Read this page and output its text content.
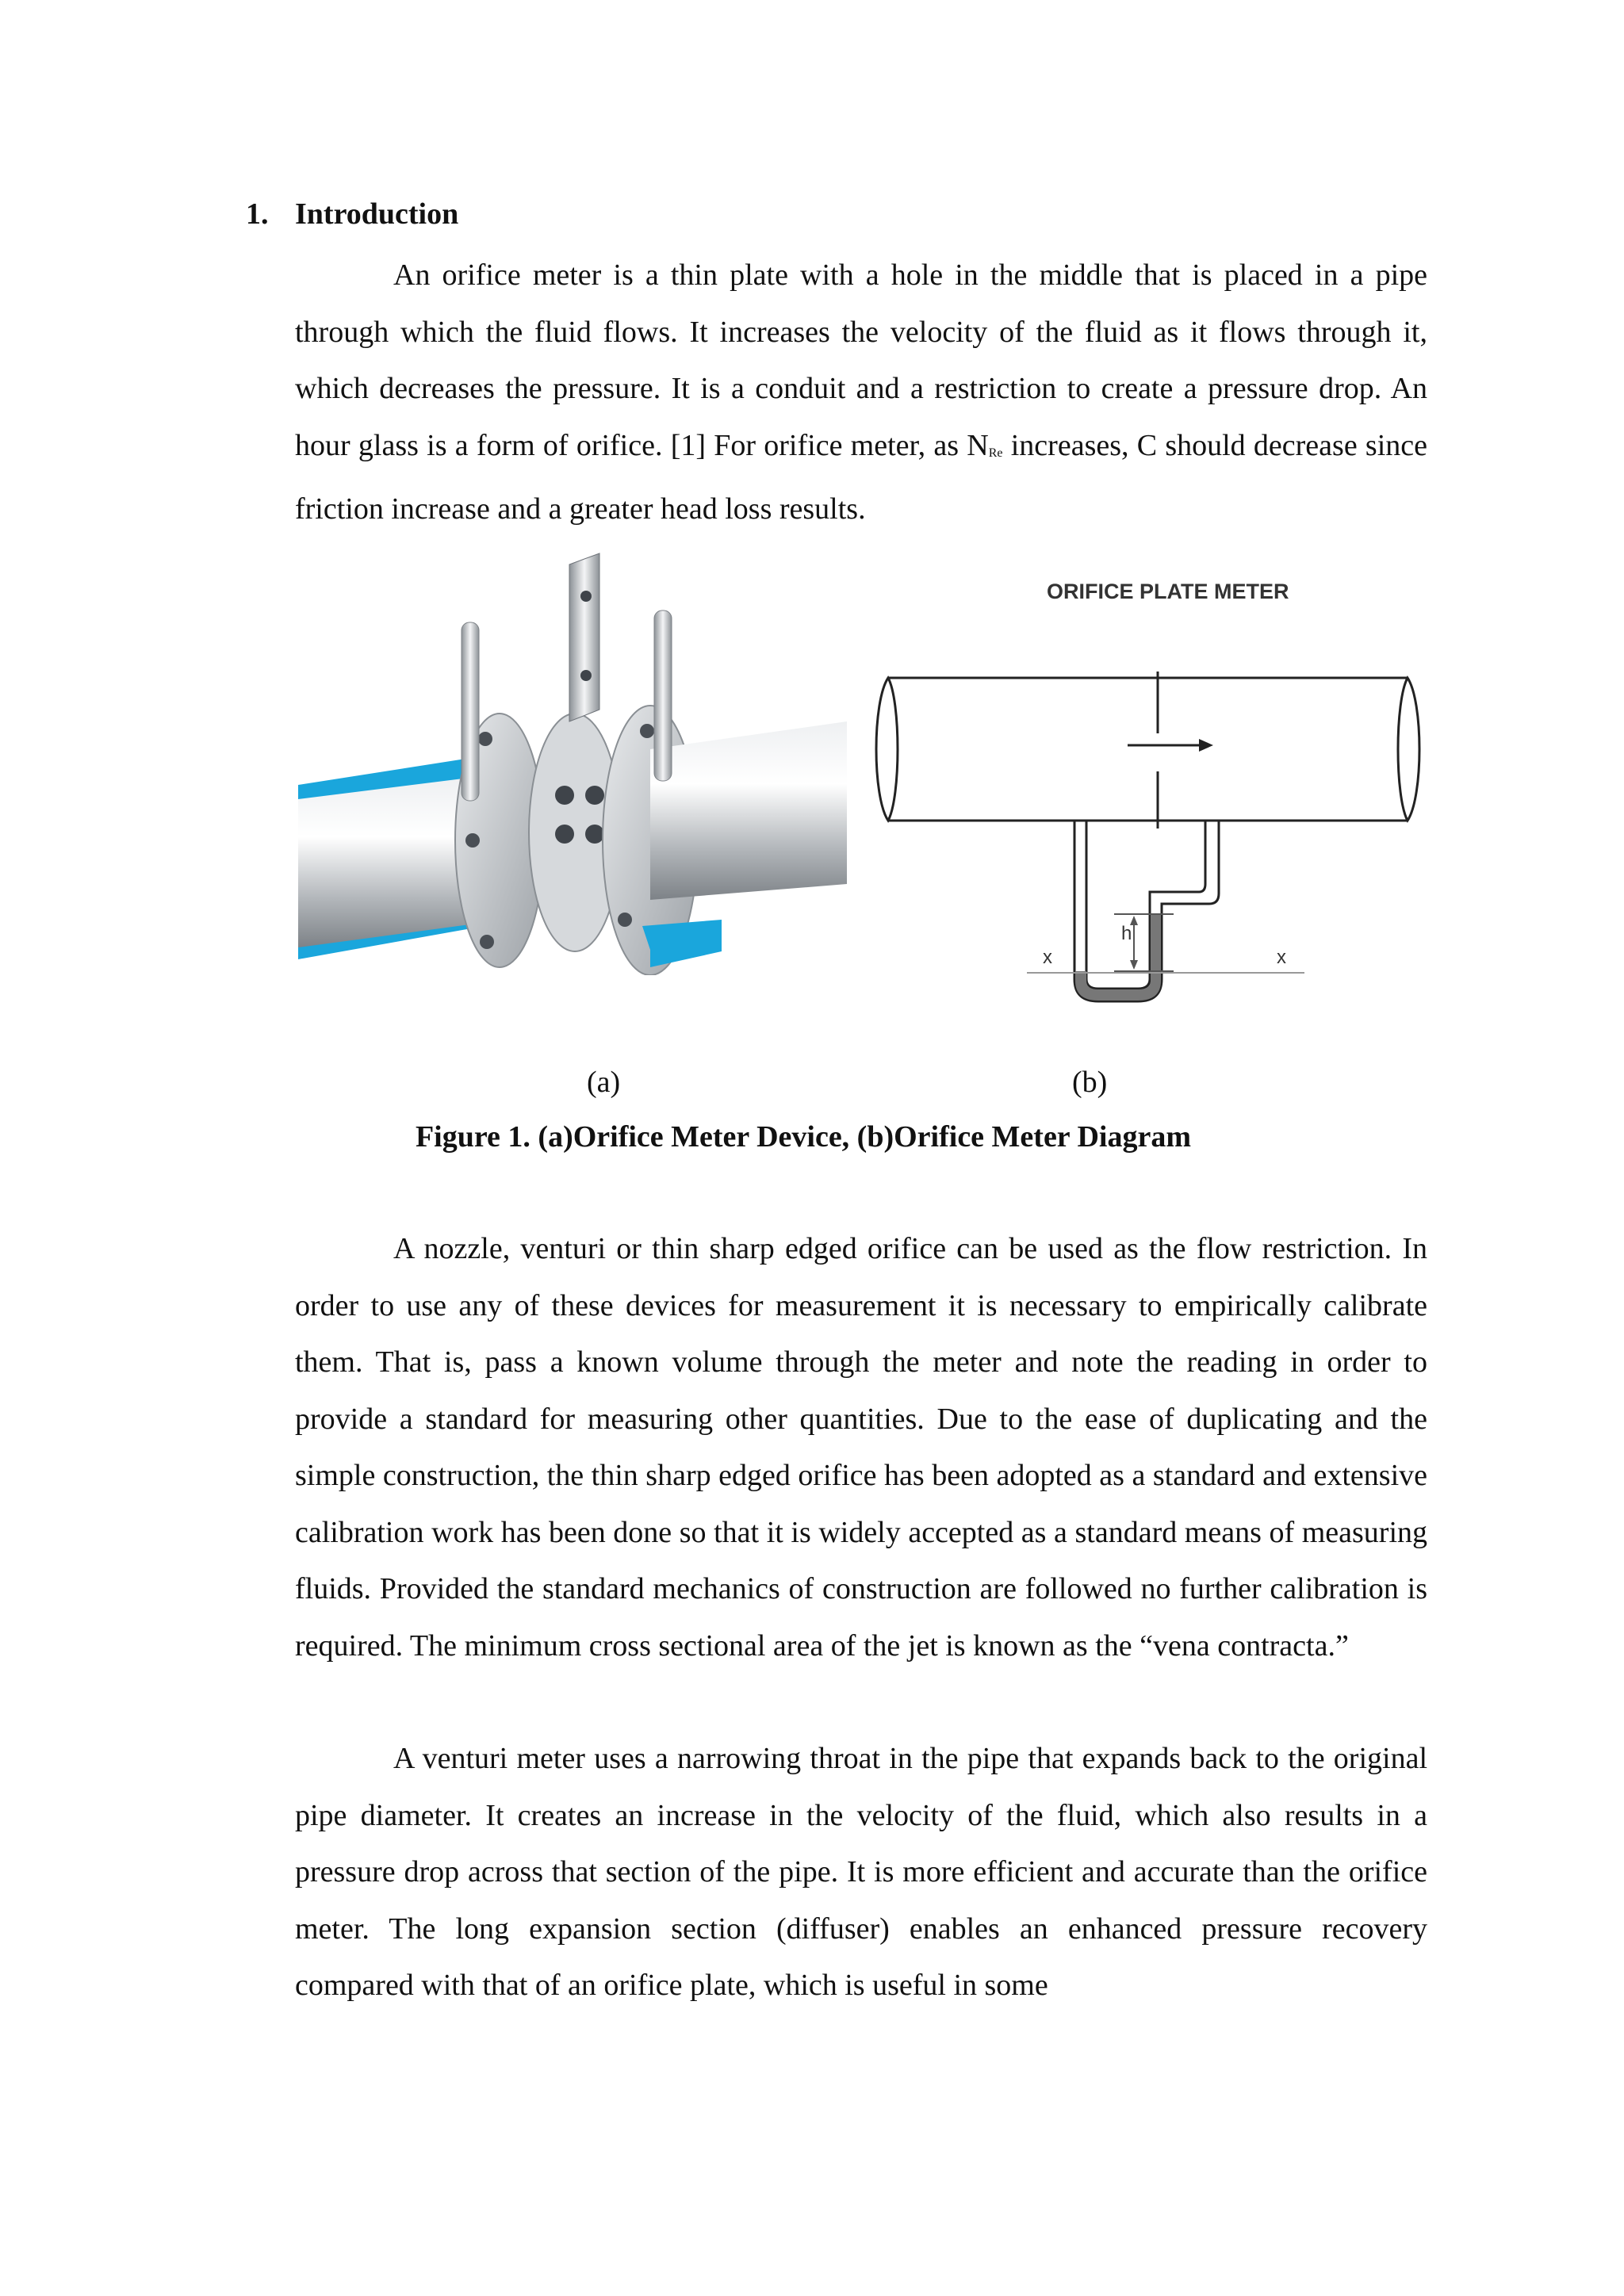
1. Introduction

An orifice meter is a thin plate with a hole in the middle that is placed in a pipe through which the fluid flows. It increases the velocity of the fluid as it flows through it, which decreases the pressure. It is a conduit and a restriction to create a pressure drop. An hour glass is a form of orifice. [1] For orifice meter, as NRe increases, C should decrease since friction increase and a greater head loss results.

ORIFICE PLATE METER
h
x	x
(a)	(b)
Figure 1. (a)Orifice Meter Device, (b)Orifice Meter Diagram

A nozzle, venturi or thin sharp edged orifice can be used as the flow restriction. In order to use any of these devices for measurement it is necessary to empirically calibrate them. That is, pass a known volume through the meter and note the reading in order to provide a standard for measuring other quantities. Due to the ease of duplicating and the simple construction, the thin sharp edged orifice has been adopted as a standard and extensive calibration work has been done so that it is widely accepted as a standard means of measuring fluids. Provided the standard mechanics of construction are followed no further calibration is required. The minimum cross sectional area of the jet is known as the “vena contracta.”

A venturi meter uses a narrowing throat in the pipe that expands back to the original pipe diameter. It creates an increase in the velocity of the fluid, which also results in a pressure drop across that section of the pipe. It is more efficient and accurate than the orifice meter. The long expansion section (diffuser) enables an enhanced pressure recovery compared with that of an orifice plate, which is useful in some
